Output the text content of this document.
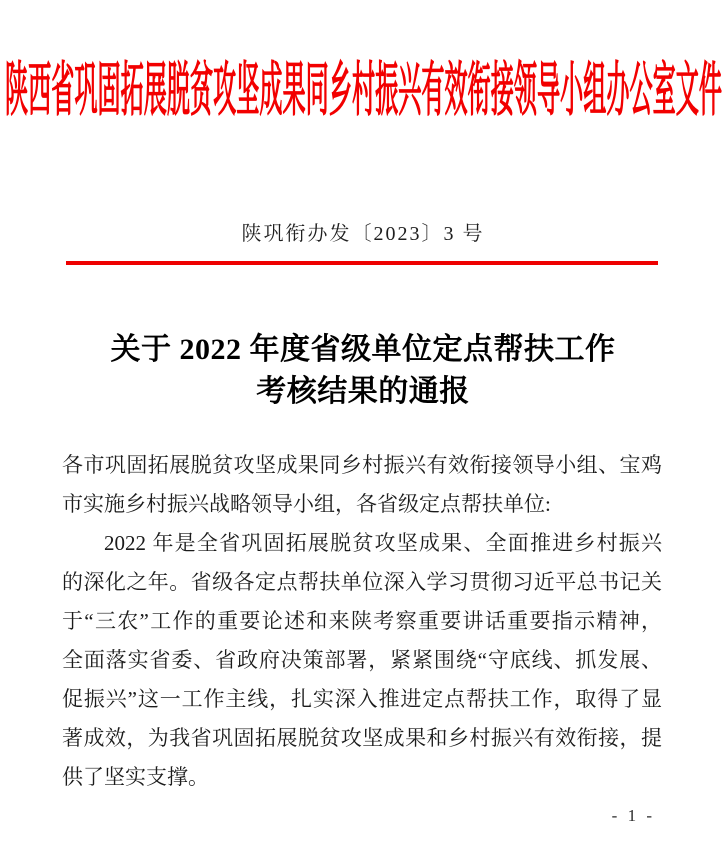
陕西省巩固拓展脱贫攻坚成果同乡村振兴有效衔接领导小组办公室文件
陕巩衔办发〔2023〕3 号
关于 2022 年度省级单位定点帮扶工作
考核结果的通报
各市巩固拓展脱贫攻坚成果同乡村振兴有效衔接领导小组、宝鸡
市实施乡村振兴战略领导小组，各省级定点帮扶单位:
2022 年是全省巩固拓展脱贫攻坚成果、全面推进乡村振兴
的深化之年。省级各定点帮扶单位深入学习贯彻习近平总书记关
于“三农”工作的重要论述和来陕考察重要讲话重要指示精神，
全面落实省委、省政府决策部署，紧紧围绕“守底线、抓发展、
促振兴”这一工作主线，扎实深入推进定点帮扶工作，取得了显
著成效，为我省巩固拓展脱贫攻坚成果和乡村振兴有效衔接，提
供了坚实支撑。
- 1 -
